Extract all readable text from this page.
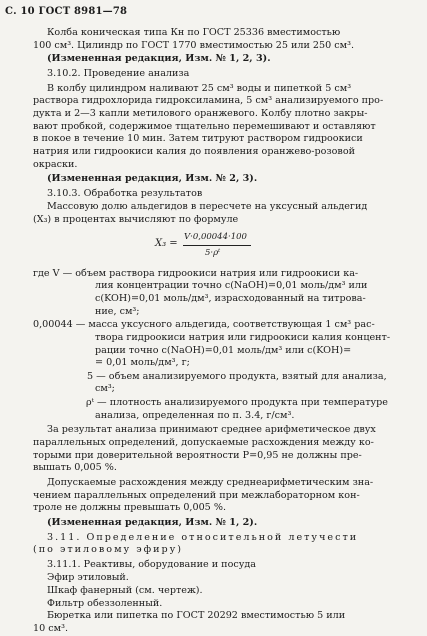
С. 10 ГОСТ 8981—78
Колба коническая типа Кн по ГОСТ 25336 вместимостью
100 см³. Цилиндр по ГОСТ 1770 вместимостью 25 или 250 см³.
(Измененная редакция, Изм. № 1, 2, 3).
3.10.2. Проведение анализа
В колбу цилиндром наливают 25 см³ воды и пипеткой 5 см³
раствора гидрохлорида гидроксиламина, 5 см³ анализируемого про-
дукта и 2—3 капли метилового оранжевого. Колбу плотно закры-
вают пробкой, содержимое тщательно перемешивают и оставляют
в покое в течение 10 мин. Затем титруют раствором гидроокиси
натрия или гидроокиси калия до появления оранжево-розовой
окраски.
(Измененная редакция, Изм. № 2, 3).
3.10.3. Обработка результатов
Массовую долю альдегидов в пересчете на уксусный альдегид
(X₃) в процентах вычисляют по формуле
X₃ =
V·0,00044·100
5·ρᵗ
где V — объем раствора гидроокиси натрия или гидроокиси ка-
лия концентрации точно c(NaOH)=0,01 моль/дм³ или
c(KOH)=0,01 моль/дм³, израсходованный на титрова-
ние, см³;
0,00044 — масса уксусного альдегида, соответствующая 1 см³ рас-
твора гидроокиси натрия или гидроокиси калия концент-
рации точно c(NaOH)=0,01 моль/дм³ или c(KOH)=
= 0,01 моль/дм³, г;
5 — объем анализируемого продукта, взятый для анализа,
см³;
ρᵗ — плотность анализируемого продукта при температуре
анализа, определенная по п. 3.4, г/см³.
За результат анализа принимают среднее арифметическое двух
параллельных определений, допускаемые расхождения между ко-
торыми при доверительной вероятности P=0,95 не должны пре-
вышать 0,005 %.
Допускаемые расхождения между среднеарифметическим зна-
чением параллельных определений при межлабораторном кон-
троле не должны превышать 0,005 %.
(Измененная редакция, Изм. № 1, 2).
3.11. Определение относительной летучести
(по этиловому эфиру)
3.11.1. Реактивы, оборудование и посуда
Эфир этиловый.
Шкаф фанерный (см. чертеж).
Фильтр обеззоленный.
Бюретка или пипетка по ГОСТ 20292 вместимостью 5 или
10 см³.
